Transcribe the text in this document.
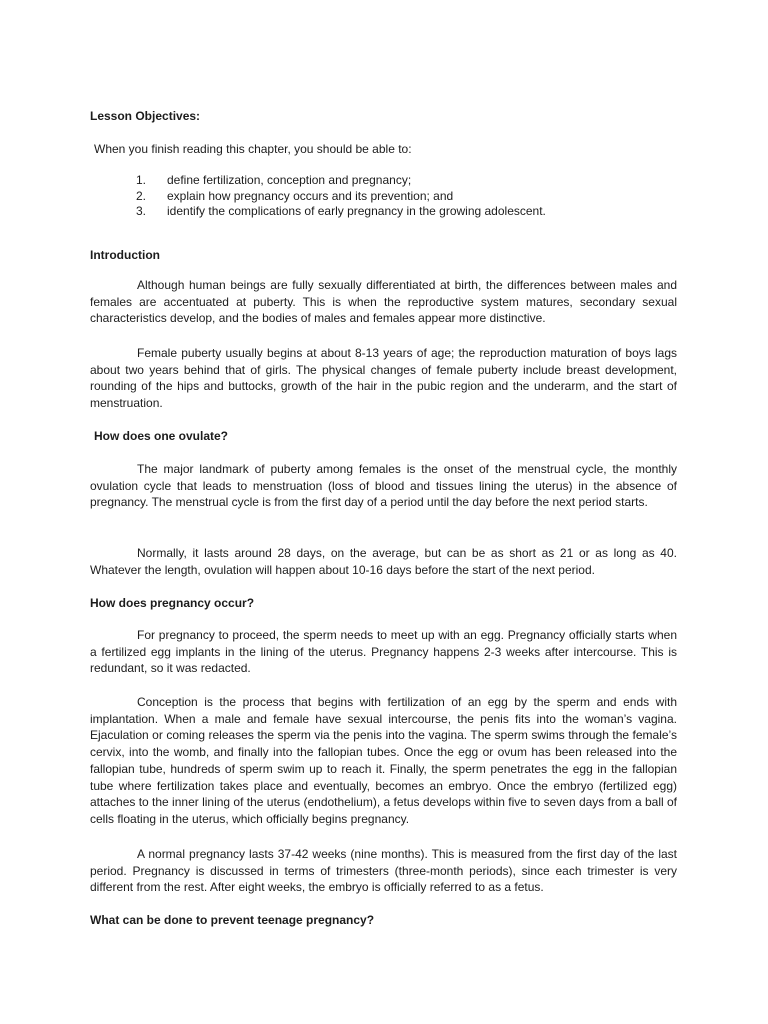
Lesson Objectives:
When you finish reading this chapter, you should be able to:
1. define fertilization, conception and pregnancy;
2. explain how pregnancy occurs and its prevention; and
3. identify the complications of early pregnancy in the growing adolescent.
Introduction
Although human beings are fully sexually differentiated at birth, the differences between males and females are accentuated at puberty. This is when the reproductive system matures, secondary sexual characteristics develop, and the bodies of males and females appear more distinctive.
Female puberty usually begins at about 8-13 years of age; the reproduction maturation of boys lags about two years behind that of girls. The physical changes of female puberty include breast development, rounding of the hips and buttocks, growth of the hair in the pubic region and the underarm, and the start of menstruation.
How does one ovulate?
The major landmark of puberty among females is the onset of the menstrual cycle, the monthly ovulation cycle that leads to menstruation (loss of blood and tissues lining the uterus) in the absence of pregnancy. The menstrual cycle is from the first day of a period until the day before the next period starts.
Normally, it lasts around 28 days, on the average, but can be as short as 21 or as long as 40. Whatever the length, ovulation will happen about 10-16 days before the start of the next period.
How does pregnancy occur?
For pregnancy to proceed, the sperm needs to meet up with an egg. Pregnancy officially starts when a fertilized egg implants in the lining of the uterus. Pregnancy happens 2-3 weeks after intercourse. This is redundant, so it was redacted.
Conception is the process that begins with fertilization of an egg by the sperm and ends with implantation. When a male and female have sexual intercourse, the penis fits into the woman’s vagina. Ejaculation or coming releases the sperm via the penis into the vagina. The sperm swims through the female’s cervix, into the womb, and finally into the fallopian tubes. Once the egg or ovum has been released into the fallopian tube, hundreds of sperm swim up to reach it. Finally, the sperm penetrates the egg in the fallopian tube where fertilization takes place and eventually, becomes an embryo. Once the embryo (fertilized egg) attaches to the inner lining of the uterus (endothelium), a fetus develops within five to seven days from a ball of cells floating in the uterus, which officially begins pregnancy.
A normal pregnancy lasts 37-42 weeks (nine months). This is measured from the first day of the last period. Pregnancy is discussed in terms of trimesters (three-month periods), since each trimester is very different from the rest. After eight weeks, the embryo is officially referred to as a fetus.
What can be done to prevent teenage pregnancy?
